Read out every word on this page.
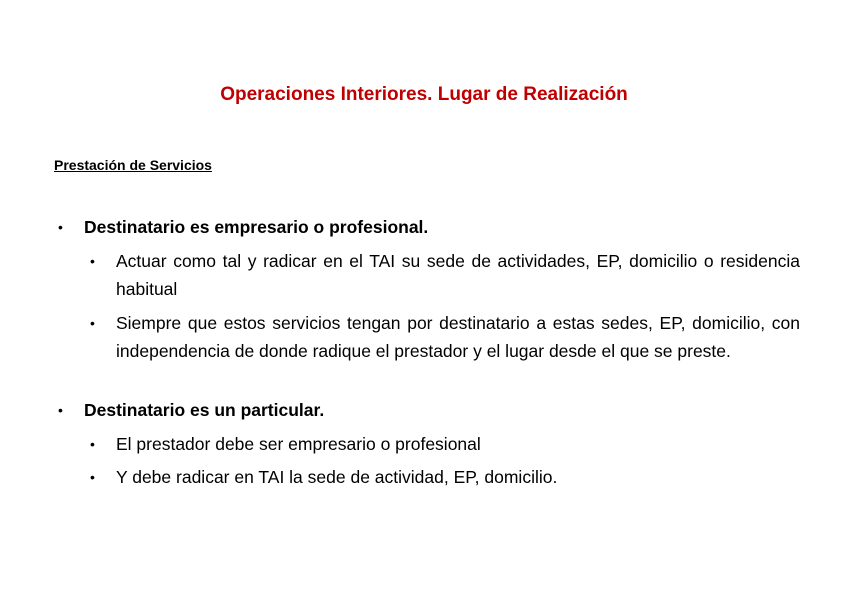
Operaciones Interiores. Lugar de Realización
Prestación de Servicios
• Destinatario es empresario o profesional.
• Actuar como tal y radicar en el TAI su sede de actividades, EP, domicilio o residencia habitual
• Siempre que estos servicios tengan por destinatario a estas sedes, EP, domicilio, con independencia de donde radique el prestador y el lugar desde el que se preste.
• Destinatario es un particular.
• El prestador debe ser empresario o profesional
• Y debe radicar en TAI la sede de actividad, EP, domicilio.
